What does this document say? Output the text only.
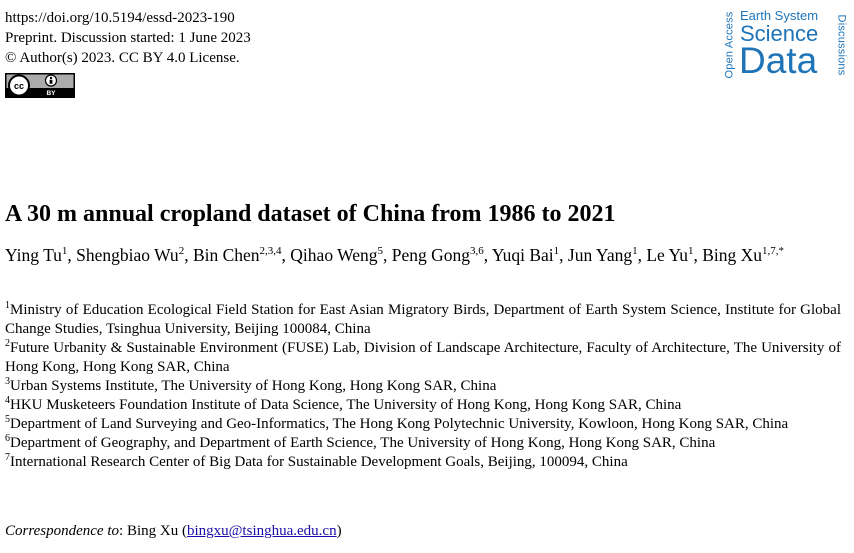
https://doi.org/10.5194/essd-2023-190
Preprint. Discussion started: 1 June 2023
© Author(s) 2023. CC BY 4.0 License.
cc
BY
Open Access Earth System
Science
Data Discussions
A 30 m annual cropland dataset of China from 1986 to 2021
Ying Tu$^1$, Shengbiao Wu$^2$, Bin Chen$^{2,3,4}$, Qihao Weng$^5$, Peng Gong$^{3,6}$, Yuqi Bai$^1$, Jun Yang$^1$, Le Yu$^1$, Bing $Xu^{1,7,*}$

$^1$Ministry of Education Ecological Field Station for East Asian Migratory Birds, Department of Earth System Science, Institute for Global Change Studies, Tsinghua University, Beijing 100084, China

$^2$Future Urbanity & Sustainable Environment (FUSE) Lab, Division of Landscape Architecture, Faculty of Architecture, The University of Hong Kong, Hong Kong SAR, China

$^3$Urban Systems Institute, The University of Hong Kong, Hong Kong SAR, China

$^4$HKU Musketeers Foundation Institute of Data Science, The University of Hong Kong, Hong Kong SAR, China

$^5$Department of Land Surveying and Geo-Informatics, The Hong Kong Polytechnic University, Kowloon, Hong Kong SAR, China

$^6$Department of Geography, and Department of Earth Science, The University of Hong Kong, Hong Kong SAR, China

$^7$International Research Center of Big Data for Sustainable Development Goals, Beijing, 100094, China

Correspondence to: Bing Xu (bingxu@tsinghua.edu.cn)
